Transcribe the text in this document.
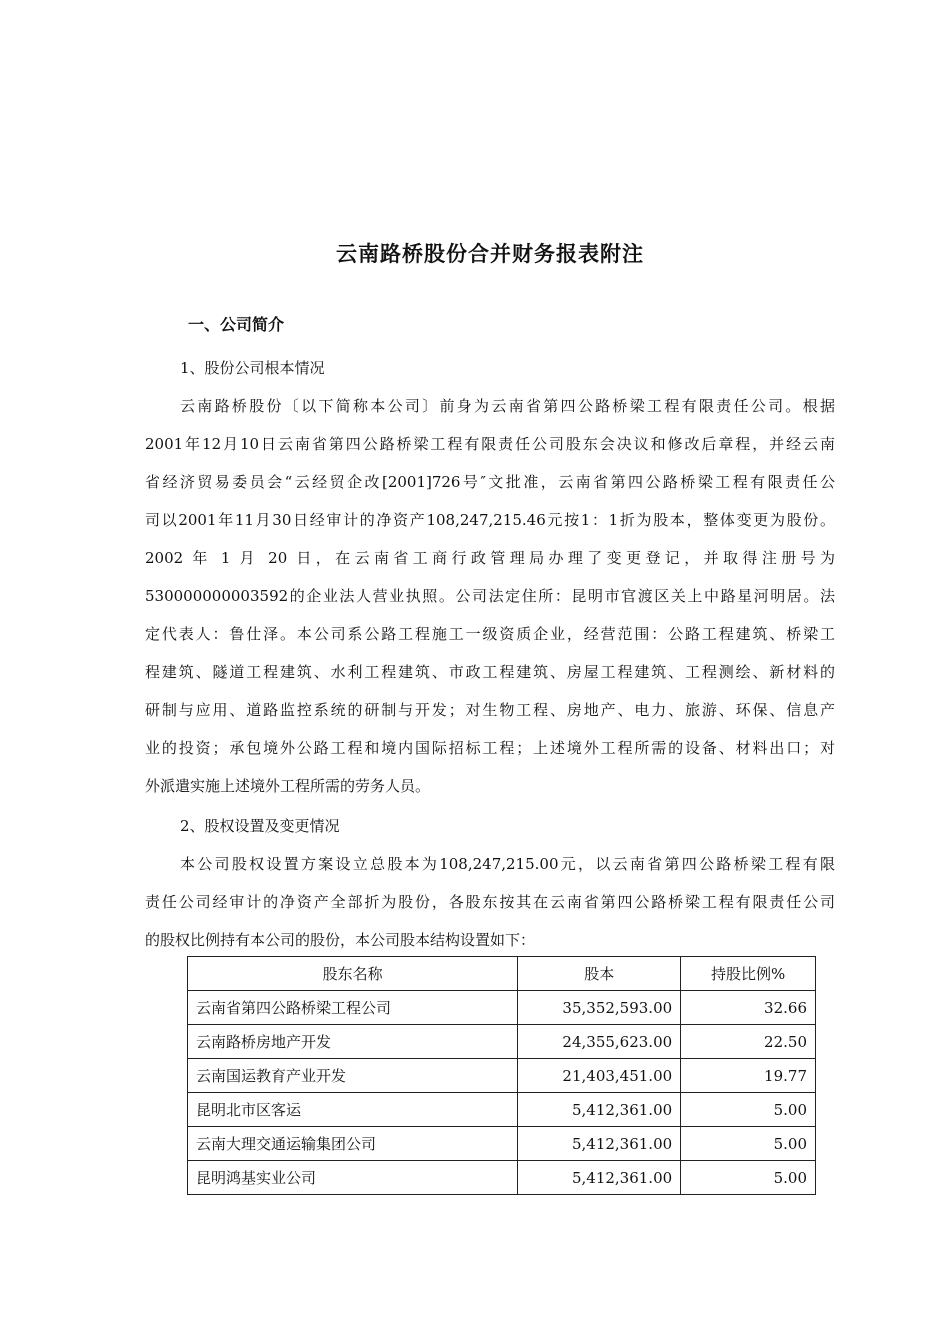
云南路桥股份合并财务报表附注
一、公司简介
1、股份公司根本情况
云南路桥股份〔以下简称本公司〕前身为云南省第四公路桥梁工程有限责任公司。根据
2001年12月10日云南省第四公路桥梁工程有限责任公司股东会决议和修改后章程，并经云南
省经济贸易委员会“云经贸企改[2001]726号″文批准，云南省第四公路桥梁工程有限责任公
司以2001年11月30日经审计的净资产108,247,215.46元按1：1折为股本，整体变更为股份。
2002 年 1 月 20 日，在云南省工商行政管理局办理了变更登记，并取得注册号为
530000000003592的企业法人营业执照。公司法定住所：昆明市官渡区关上中路星河明居。法
定代表人：鲁仕泽。本公司系公路工程施工一级资质企业，经营范围：公路工程建筑、桥梁工
程建筑、隧道工程建筑、水利工程建筑、市政工程建筑、房屋工程建筑、工程测绘、新材料的
研制与应用、道路监控系统的研制与开发；对生物工程、房地产、电力、旅游、环保、信息产
业的投资；承包境外公路工程和境内国际招标工程；上述境外工程所需的设备、材料出口；对
外派遣实施上述境外工程所需的劳务人员。
2、股权设置及变更情况
本公司股权设置方案设立总股本为108,247,215.00元，以云南省第四公路桥梁工程有限
责任公司经审计的净资产全部折为股份，各股东按其在云南省第四公路桥梁工程有限责任公司
的股权比例持有本公司的股份，本公司股本结构设置如下：
股东名称	股本	持股比例%
云南省第四公路桥梁工程公司	35,352,593.00	32.66
云南路桥房地产开发	24,355,623.00	22.50
云南国运教育产业开发	21,403,451.00	19.77
昆明北市区客运	5,412,361.00	5.00
云南大理交通运输集团公司	5,412,361.00	5.00
昆明鸿基实业公司	5,412,361.00	5.00
